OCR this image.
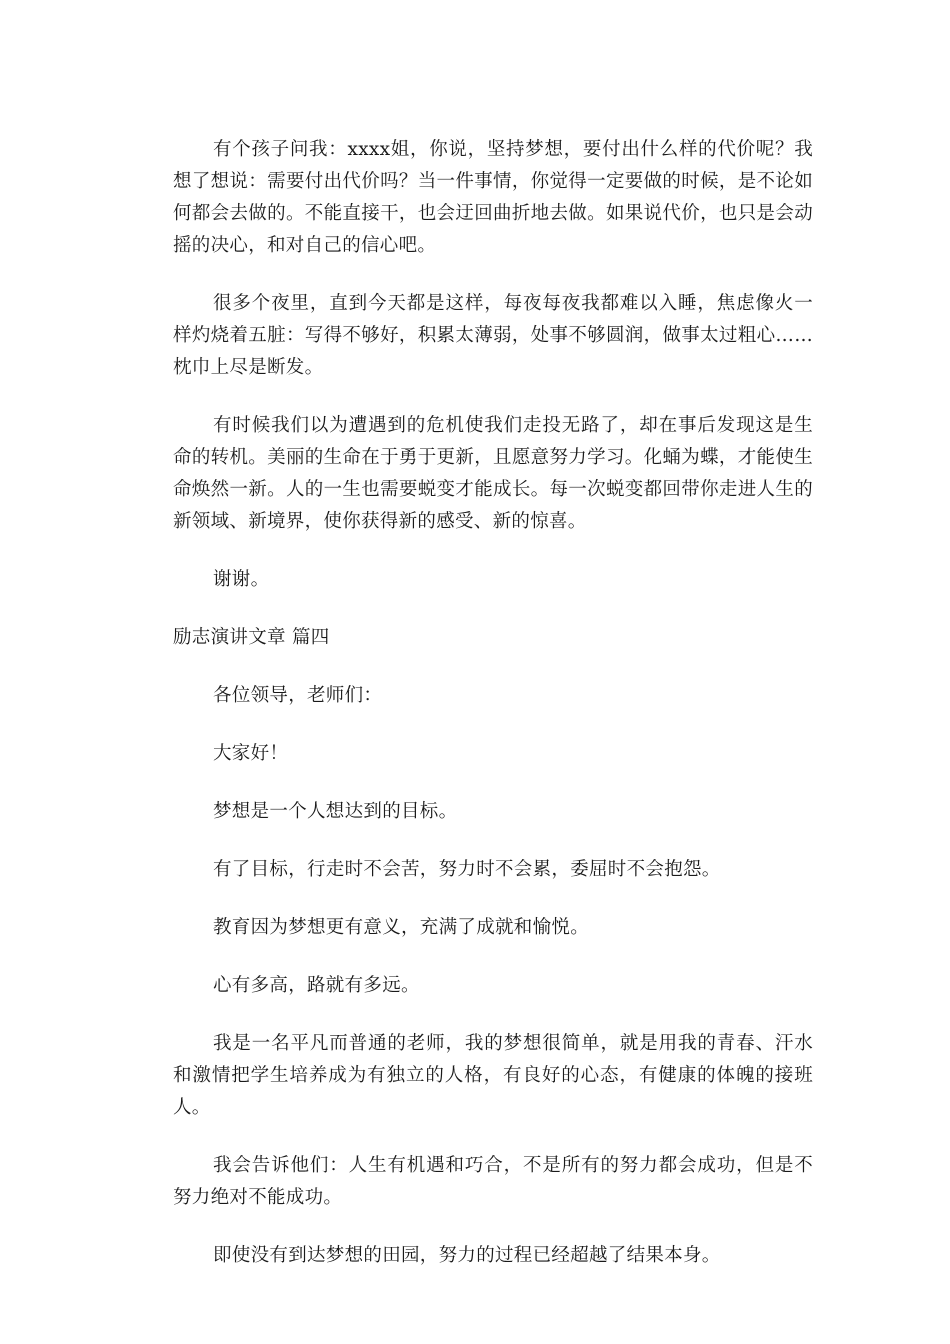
有个孩子问我：xxxx姐，你说，坚持梦想，要付出什么样的代价呢？我想了想说：需要付出代价吗？当一件事情，你觉得一定要做的时候，是不论如何都会去做的。不能直接干，也会迂回曲折地去做。如果说代价，也只是会动摇的决心，和对自己的信心吧。

很多个夜里，直到今天都是这样，每夜每夜我都难以入睡，焦虑像火一样灼烧着五脏：写得不够好，积累太薄弱，处事不够圆润，做事太过粗心……枕巾上尽是断发。

有时候我们以为遭遇到的危机使我们走投无路了，却在事后发现这是生命的转机。美丽的生命在于勇于更新，且愿意努力学习。化蛹为蝶，才能使生命焕然一新。人的一生也需要蜕变才能成长。每一次蜕变都回带你走进人生的新领域、新境界，使你获得新的感受、新的惊喜。

谢谢。

励志演讲文章 篇四

各位领导，老师们：

大家好！

梦想是一个人想达到的目标。

有了目标，行走时不会苦，努力时不会累，委屈时不会抱怨。

教育因为梦想更有意义，充满了成就和愉悦。

心有多高，路就有多远。

我是一名平凡而普通的老师，我的梦想很简单，就是用我的青春、汗水和激情把学生培养成为有独立的人格，有良好的心态，有健康的体魄的接班人。

我会告诉他们：人生有机遇和巧合，不是所有的努力都会成功，但是不努力绝对不能成功。

即使没有到达梦想的田园，努力的过程已经超越了结果本身。
